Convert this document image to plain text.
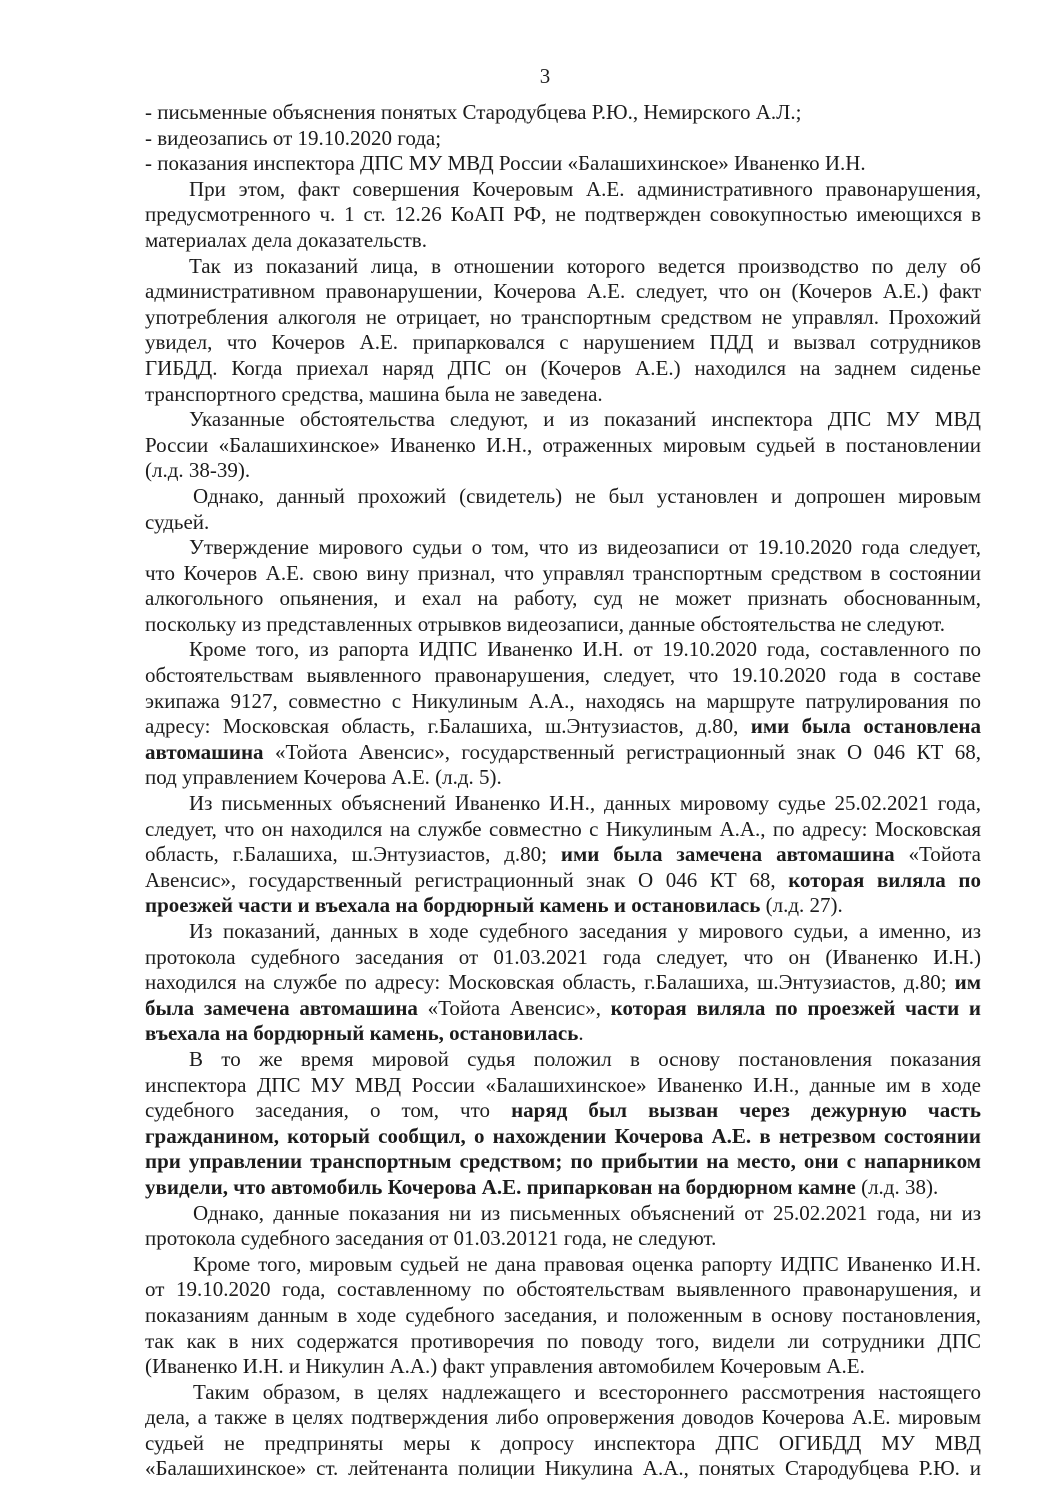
3
- письменные объяснения понятых Стародубцева Р.Ю., Немирского А.Л.;
- видеозапись от 19.10.2020 года;
- показания инспектора ДПС МУ МВД России «Балашихинское» Иваненко И.Н.
При этом, факт совершения Кочеровым А.Е. административного правонарушения,
предусмотренного ч. 1 ст. 12.26 КоАП РФ, не подтвержден совокупностью имеющихся в
материалах дела доказательств.
Так из показаний лица, в отношении которого ведется производство по делу об
административном правонарушении, Кочерова А.Е. следует, что он (Кочеров А.Е.) факт
употребления алкоголя не отрицает, но транспортным средством не управлял. Прохожий
увидел, что Кочеров А.Е. припарковался с нарушением ПДД и вызвал сотрудников
ГИБДД. Когда приехал наряд ДПС он (Кочеров А.Е.) находился на заднем сиденье
транспортного средства, машина была не заведена.
Указанные обстоятельства следуют, и из показаний инспектора ДПС МУ МВД
России «Балашихинское» Иваненко И.Н., отраженных мировым судьей в постановлении
(л.д. 38-39).
Однако, данный прохожий (свидетель) не был установлен и допрошен мировым
судьей.
Утверждение мирового судьи о том, что из видеозаписи от 19.10.2020 года следует,
что Кочеров А.Е. свою вину признал, что управлял транспортным средством в состоянии
алкогольного опьянения, и ехал на работу, суд не может признать обоснованным,
поскольку из представленных отрывков видеозаписи, данные обстоятельства не следуют.
Кроме того, из рапорта ИДПС Иваненко И.Н. от 19.10.2020 года, составленного по
обстоятельствам выявленного правонарушения, следует, что 19.10.2020 года в составе
экипажа 9127, совместно с Никулиным А.А., находясь на маршруте патрулирования по
адресу: Московская область, г.Балашиха, ш.Энтузиастов, д.80, ими была остановлена
автомашина «Тойота Авенсис», государственный регистрационный знак О 046 КТ 68,
под управлением Кочерова А.Е. (л.д. 5).
Из письменных объяснений Иваненко И.Н., данных мировому судье 25.02.2021 года,
следует, что он находился на службе совместно с Никулиным А.А., по адресу: Московская
область, г.Балашиха, ш.Энтузиастов, д.80; ими была замечена автомашина «Тойота
Авенсис», государственный регистрационный знак О 046 КТ 68, которая виляла по
проезжей части и въехала на бордюрный камень и остановилась (л.д. 27).
Из показаний, данных в ходе судебного заседания у мирового судьи, а именно, из
протокола судебного заседания от 01.03.2021 года следует, что он (Иваненко И.Н.)
находился на службе по адресу: Московская область, г.Балашиха, ш.Энтузиастов, д.80; им
была замечена автомашина «Тойота Авенсис», которая виляла по проезжей части и
въехала на бордюрный камень, остановилась.
В то же время мировой судья положил в основу постановления показания
инспектора ДПС МУ МВД России «Балашихинское» Иваненко И.Н., данные им в ходе
судебного заседания, о том, что наряд был вызван через дежурную часть
гражданином, который сообщил, о нахождении Кочерова А.Е. в нетрезвом состоянии
при управлении транспортным средством; по прибытии на место, они с напарником
увидели, что автомобиль Кочерова А.Е. припаркован на бордюрном камне (л.д. 38).
Однако, данные показания ни из письменных объяснений от 25.02.2021 года, ни из
протокола судебного заседания от 01.03.20121 года, не следуют.
Кроме того, мировым судьей не дана правовая оценка рапорту ИДПС Иваненко И.Н.
от 19.10.2020 года, составленному по обстоятельствам выявленного правонарушения, и
показаниям данным в ходе судебного заседания, и положенным в основу постановления,
так как в них содержатся противоречия по поводу того, видели ли сотрудники ДПС
(Иваненко И.Н. и Никулин А.А.) факт управления автомобилем Кочеровым А.Е.
Таким образом, в целях надлежащего и всестороннего рассмотрения настоящего
дела, а также в целях подтверждения либо опровержения доводов Кочерова А.Е. мировым
судьей не предприняты меры к допросу инспектора ДПС ОГИБДД МУ МВД
«Балашихинское» ст. лейтенанта полиции Никулина А.А., понятых Стародубцева Р.Ю. и
